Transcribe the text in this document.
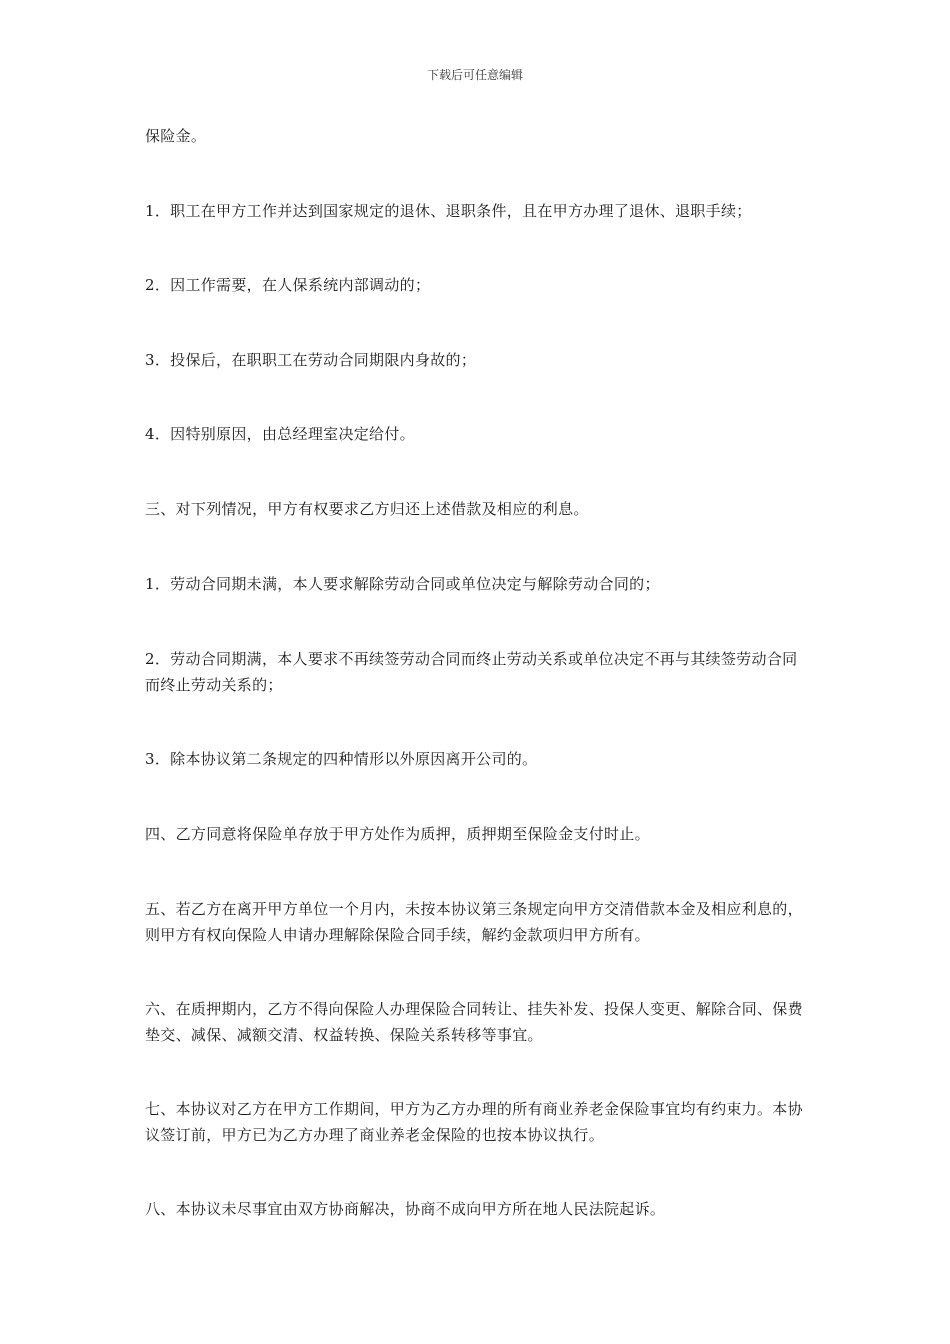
下载后可任意编辑

保险金。

1．职工在甲方工作并达到国家规定的退休、退职条件，且在甲方办理了退休、退职手续；

2．因工作需要，在人保系统内部调动的；

3．投保后，在职职工在劳动合同期限内身故的；

4．因特别原因，由总经理室决定给付。

三、对下列情况，甲方有权要求乙方归还上述借款及相应的利息。

1．劳动合同期未满，本人要求解除劳动合同或单位决定与解除劳动合同的；

2．劳动合同期满，本人要求不再续签劳动合同而终止劳动关系或单位决定不再与其续签劳动合同而终止劳动关系的；

3．除本协议第二条规定的四种情形以外原因离开公司的。

四、乙方同意将保险单存放于甲方处作为质押，质押期至保险金支付时止。

五、若乙方在离开甲方单位一个月内，未按本协议第三条规定向甲方交清借款本金及相应利息的，则甲方有权向保险人申请办理解除保险合同手续，解约金款项归甲方所有。

六、在质押期内，乙方不得向保险人办理保险合同转让、挂失补发、投保人变更、解除合同、保费垫交、减保、减额交清、权益转换、保险关系转移等事宜。

七、本协议对乙方在甲方工作期间，甲方为乙方办理的所有商业养老金保险事宜均有约束力。本协议签订前，甲方已为乙方办理了商业养老金保险的也按本协议执行。

八、本协议未尽事宜由双方协商解决，协商不成向甲方所在地人民法院起诉。
